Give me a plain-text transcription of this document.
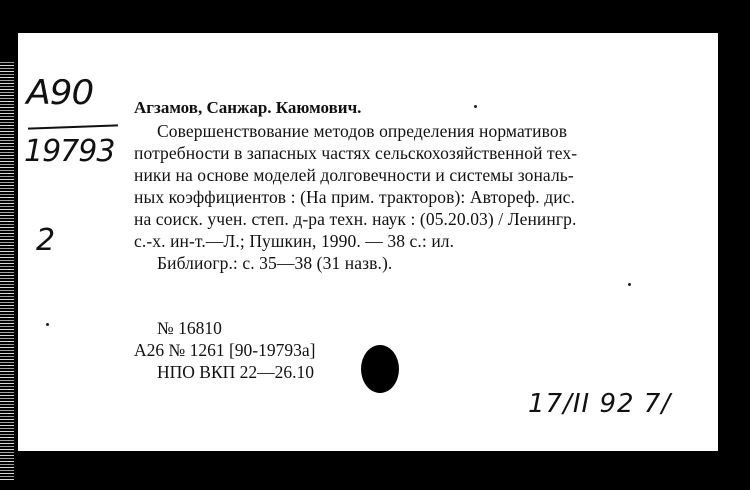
А90
19793
2
Агзамов, Санжар. Каюмович.
Совершенствование методов определения нормативов
потребности в запасных частях сельскохозяйственной тех-
ники на основе моделей долговечности и системы зональ-
ных коэффициентов : (На прим. тракторов): Автореф. дис.
на соиск. учен. степ. д-ра техн. наук : (05.20.03) / Ленингр.
с.-х. ин-т.—Л.; Пушкин, 1990. — 38 с.: ил.
Библиогр.: с. 35—38 (31 назв.).
№ 16810
А26 № 1261 [90-19793а]
НПО ВКП 22—26.10
17/II 92 7/
